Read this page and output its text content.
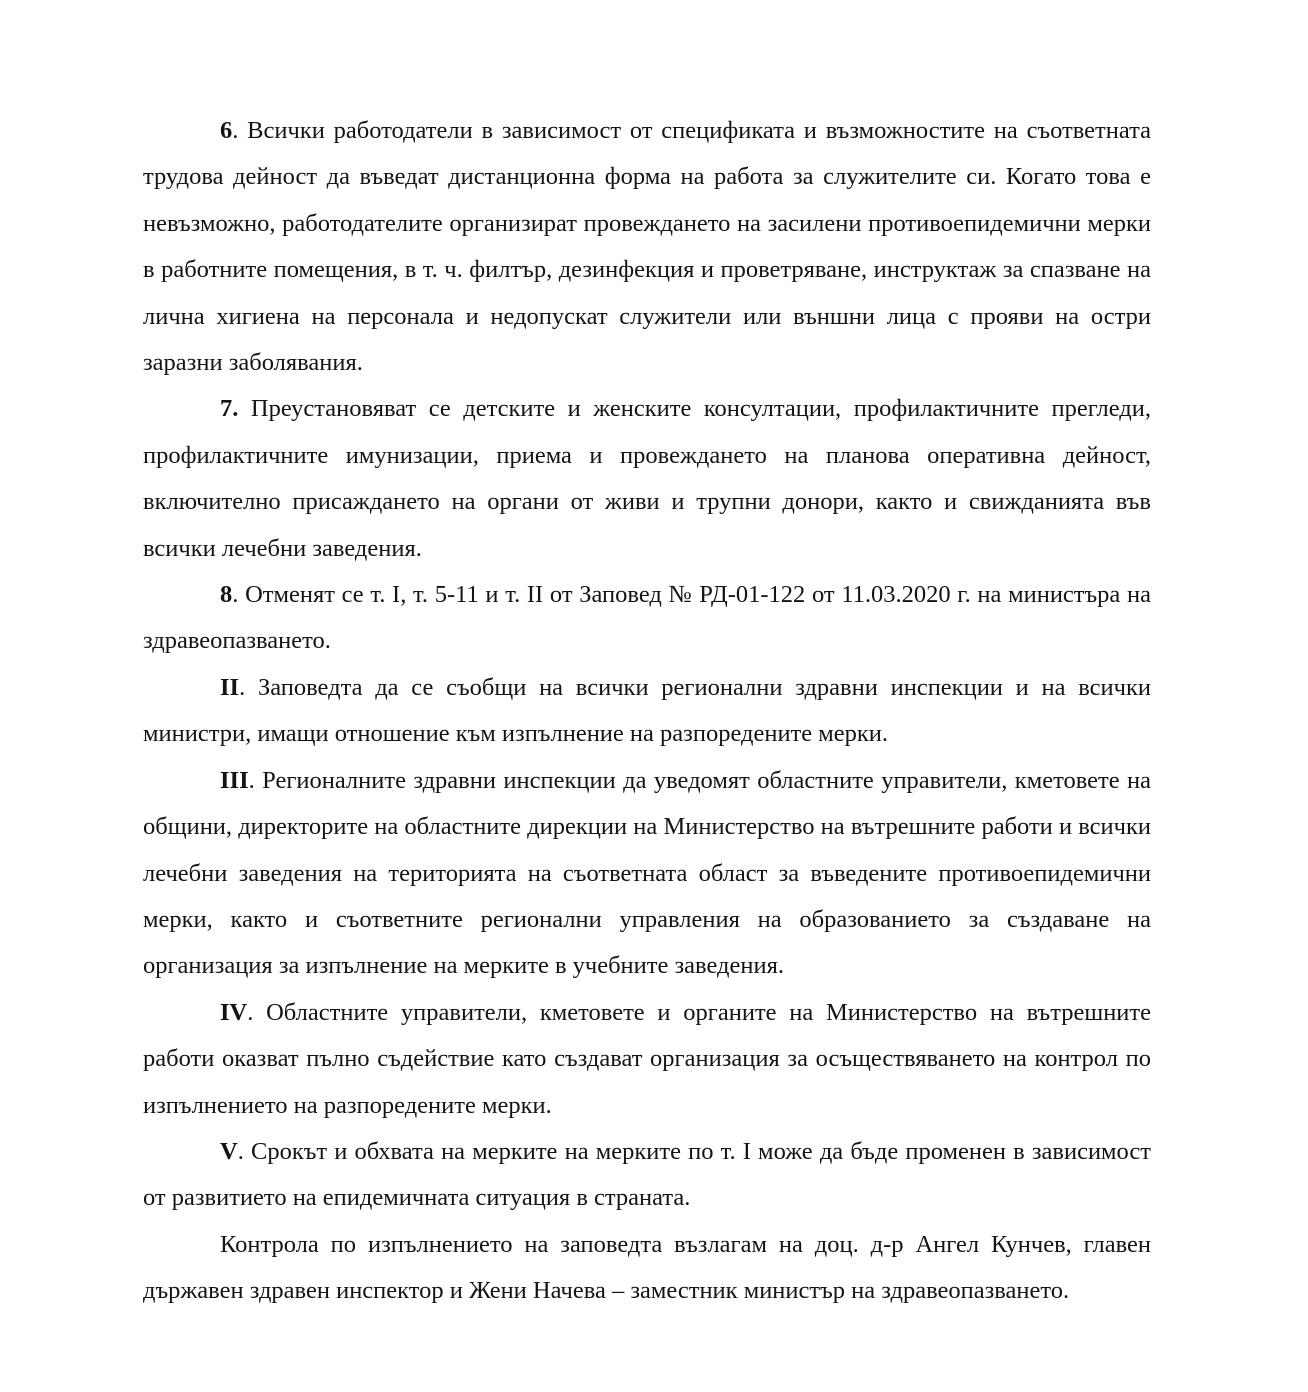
6. Всички работодатели в зависимост от спецификата и възможностите на съответната трудова дейност да въведат дистанционна форма на работа за служителите си. Когато това е невъзможно, работодателите организират провеждането на засилени противоепидемични мерки в работните помещения, в т. ч. филтър, дезинфекция и проветряване, инструктаж за спазване на лична хигиена на персонала и недопускат служители или външни лица с прояви на остри заразни заболявания.

7. Преустановяват се детските и женските консултации, профилактичните прегледи, профилактичните имунизации, приема и провеждането на планова оперативна дейност, включително присаждането на органи от живи и трупни донори, както и свижданията във всички лечебни заведения.

8. Отменят се т. I, т. 5-11 и т. II от Заповед № РД-01-122 от 11.03.2020 г. на министъра на здравеопазването.

II. Заповедта да се съобщи на всички регионални здравни инспекции и на всички министри, имащи отношение към изпълнение на разпоредените мерки.

III. Регионалните здравни инспекции да уведомят областните управители, кметовете на общини, директорите на областните дирекции на Министерство на вътрешните работи и всички лечебни заведения на територията на съответната област за въведените противоепидемични мерки, както и съответните регионални управления на образованието за създаване на организация за изпълнение на мерките в учебните заведения.

IV. Областните управители, кметовете и органите на Министерство на вътрешните работи оказват пълно съдействие като създават организация за осъществяването на контрол по изпълнението на разпоредените мерки.

V. Срокът и обхвата на мерките на мерките по т. I може да бъде променен в зависимост от развитието на епидемичната ситуация в страната.

Контрола по изпълнението на заповедта възлагам на доц. д-р Ангел Кунчев, главен държавен здравен инспектор и Жени Начева – заместник министър на здравеопазването.
